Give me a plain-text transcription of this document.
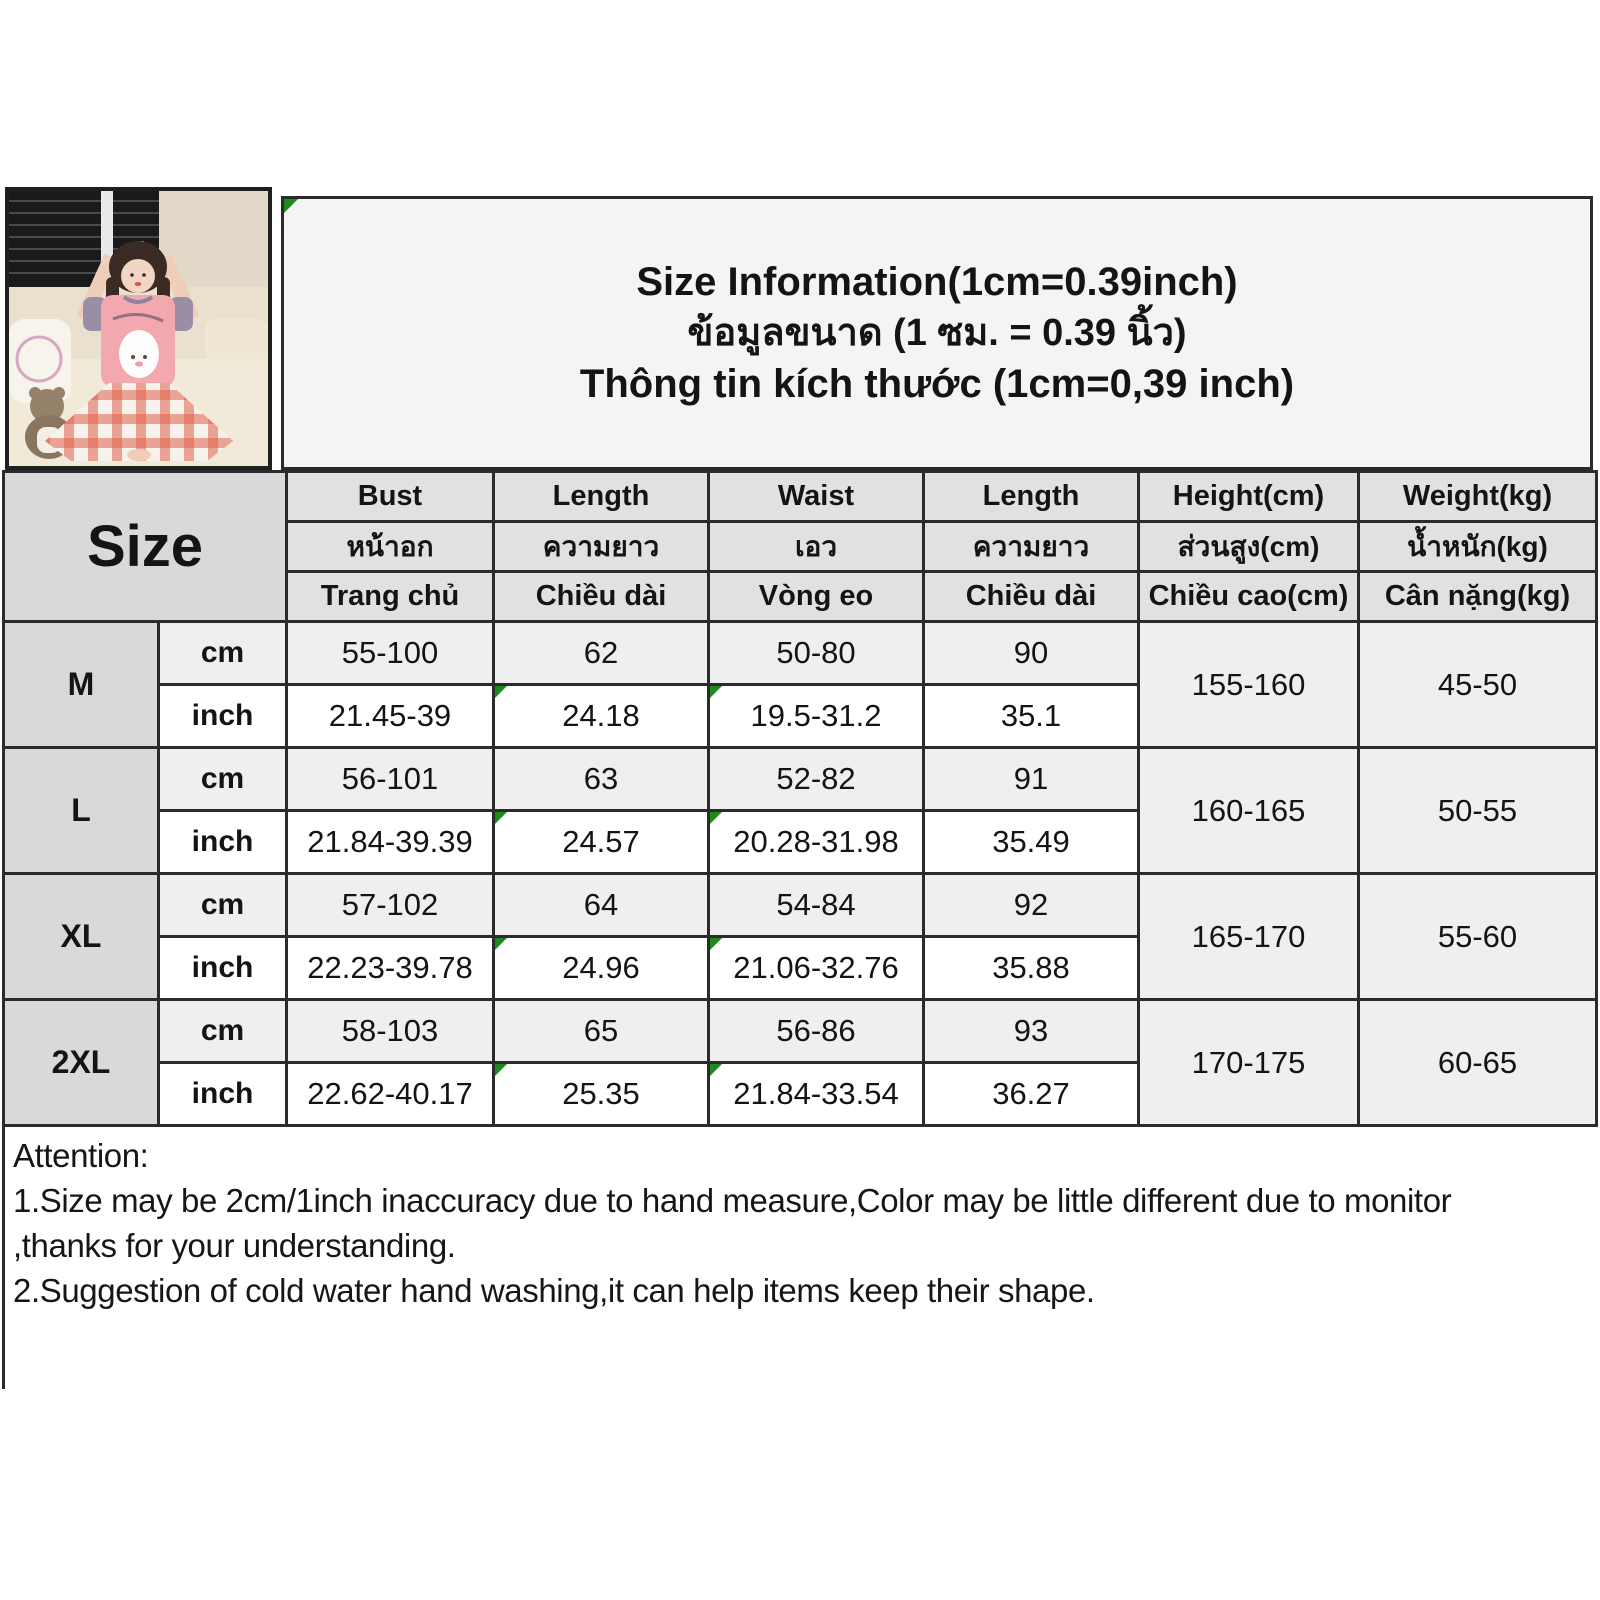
Size Information(1cm=0.39inch)
ข้อมูลขนาด (1 ซม. = 0.39 นิ้ว)
Thông tin kích thước (1cm=0,39 inch)
Size		Bust	Length	Waist	Length	Height(cm)	Weight(kg)
		หน้าอก	ความยาว	เอว	ความยาว	ส่วนสูง(cm)	น้ำหนัก(kg)
		Trang chủ	Chiều dài	Vòng eo	Chiều dài	Chiều cao(cm)	Cân nặng(kg)
M	cm	55-100	62	50-80	90	155-160	45-50
	inch	21.45-39	24.18	19.5-31.2	35.1		
L	cm	56-101	63	52-82	91	160-165	50-55
	inch	21.84-39.39	24.57	20.28-31.98	35.49		
XL	cm	57-102	64	54-84	92	165-170	55-60
	inch	22.23-39.78	24.96	21.06-32.76	35.88		
2XL	cm	58-103	65	56-86	93	170-175	60-65
	inch	22.62-40.17	25.35	21.84-33.54	36.27		
Attention:
1.Size may be 2cm/1inch inaccuracy due to hand measure,Color may be little different due to monitor ,thanks for your understanding.
2.Suggestion of cold water hand washing,it can help items keep their shape.
